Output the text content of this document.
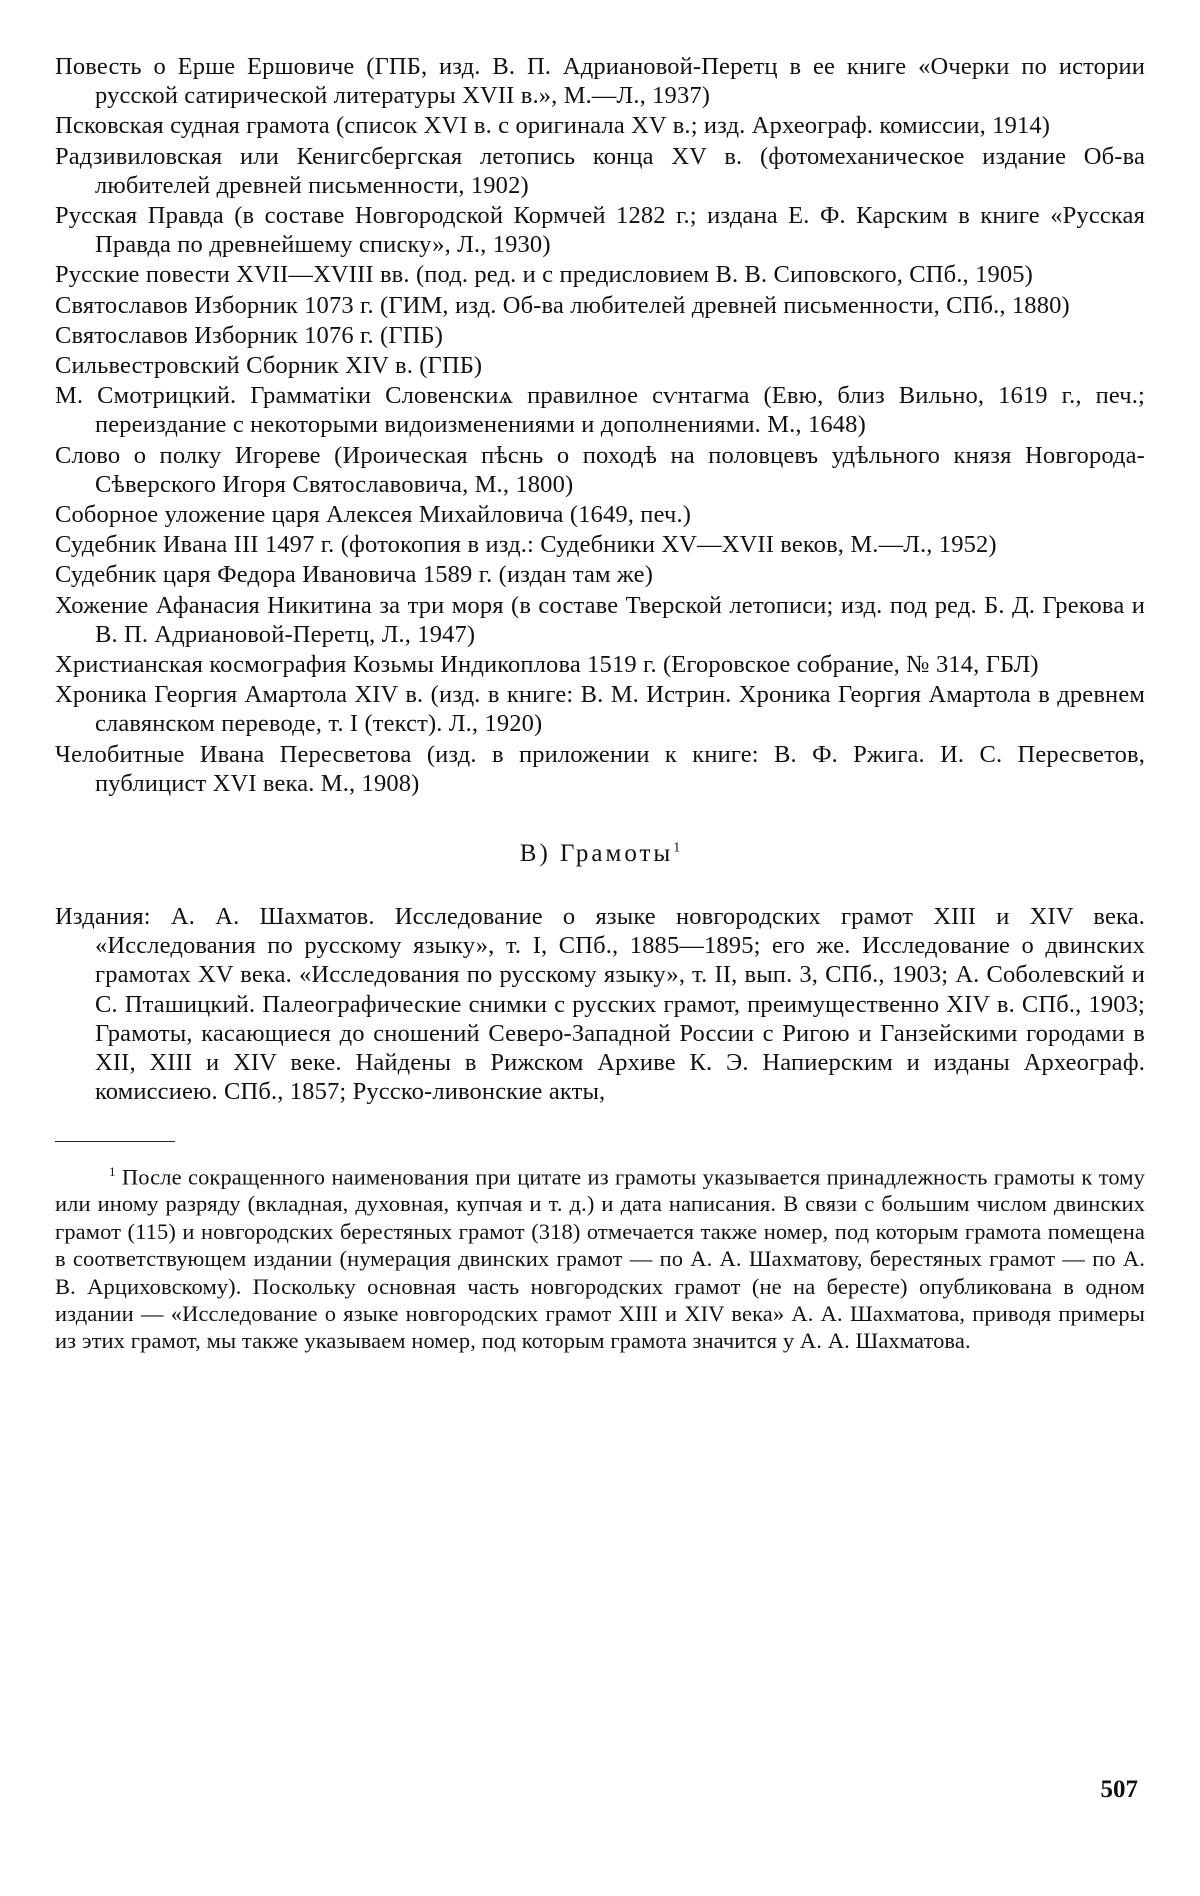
Повесть о Ерше Ершовиче (ГПБ, изд. В. П. Адриановой-Перетц в ее книге «Очерки по истории русской сатирической литературы XVII в.», М.—Л., 1937)
Псковская судная грамота (список XVI в. с оригинала XV в.; изд. Археограф. комиссии, 1914)
Радзивиловская или Кенигсбергская летопись конца XV в. (фотомеханическое издание Об-ва любителей древней письменности, 1902)
Русская Правда (в составе Новгородской Кормчей 1282 г.; издана Е. Ф. Карским в книге «Русская Правда по древнейшему списку», Л., 1930)
Русские повести XVII—XVIII вв. (под. ред. и с предисловием В. В. Сиповского, СПб., 1905)
Святославов Изборник 1073 г. (ГИМ, изд. Об-ва любителей древней письменности, СПб., 1880)
Святославов Изборник 1076 г. (ГПБ)
Сильвестровский Сборник XIV в. (ГПБ)
М. Смотрицкий. Грамматіки Словенскиѧ правилное сѵнтагма (Евю, близ Вильно, 1619 г., печ.; переиздание с некоторыми видоизменениями и дополнениями. М., 1648)
Слово о полку Игореве (Ироическая пѣснь о походѣ на половцевъ удѣльного князя Новгорода-Сѣверского Игоря Святославовича, М., 1800)
Соборное уложение царя Алексея Михайловича (1649, печ.)
Судебник Ивана III 1497 г. (фотокопия в изд.: Судебники XV—XVII веков, М.—Л., 1952)
Судебник царя Федора Ивановича 1589 г. (издан там же)
Хожение Афанасия Никитина за три моря (в составе Тверской летописи; изд. под ред. Б. Д. Грекова и В. П. Адриановой-Перетц, Л., 1947)
Христианская космография Козьмы Индикоплова 1519 г. (Егоровское собрание, № 314, ГБЛ)
Хроника Георгия Амартола XIV в. (изд. в книге: В. М. Истрин. Хроника Георгия Амартола в древнем славянском переводе, т. I (текст). Л., 1920)
Челобитные Ивана Пересветова (изд. в приложении к книге: В. Ф. Ржига. И. С. Пересветов, публицист XVI века. М., 1908)
В) Грамоты$^1$

Издания: А. А. Шахматов. Исследование о языке новгородских грамот XIII и XIV века. «Исследования по русскому языку», т. I, СПб., 1885—1895; его же. Исследование о двинских грамотах XV века. «Исследования по русскому языку», т. II, вып. 3, СПб., 1903; А. Соболевский и С. Пташицкий. Палеографические снимки с русских грамот, преимущественно XIV в. СПб., 1903; Грамоты, касающиеся до сношений Северо-Западной России с Ригою и Ганзейскими городами в XII, XIII и XIV веке. Найдены в Рижском Архиве К. Э. Напиерским и изданы Археограф. комиссиею. СПб., 1857; Русско-ливонские акты,

$^1$ После сокращенного наименования при цитате из грамоты указывается принадлежность грамоты к тому или иному разряду (вкладная, духовная, купчая и т. д.) и дата написания. В связи с большим числом двинских грамот (115) и новгородских берестяных грамот (318) отмечается также номер, под которым грамота помещена в соответствующем издании (нумерация двинских грамот — по А. А. Шахматову, берестяных грамот — по А. В. Арциховскому). Поскольку основная часть новгородских грамот (не на бересте) опубликована в одном издании — «Исследование о языке новгородских грамот XIII и XIV века» А. А. Шахматова, приводя примеры из этих грамот, мы также указываем номер, под которым грамота значится у А. А. Шахматова.

507
